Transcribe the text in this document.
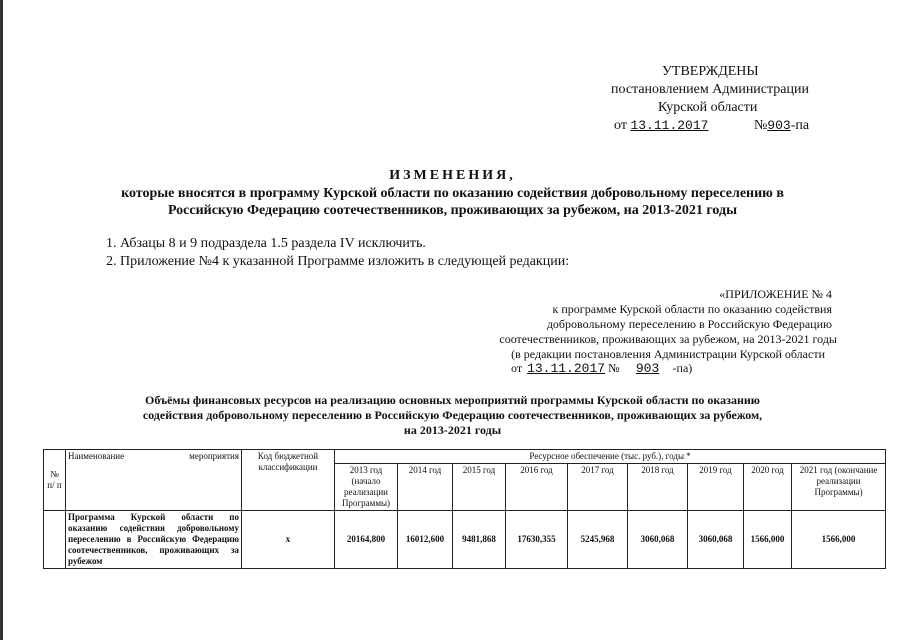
УТВЕРЖДЕНЫ
постановлением Администрации
Курской области
от 13.11.2017	№903-па
ИЗМЕНЕНИЯ,
которые вносятся в программу Курской области по оказанию содействия добровольному переселению в
Российскую Федерацию соотечественников, проживающих за рубежом, на 2013-2021 годы
1. Абзацы 8 и 9 подраздела 1.5 раздела IV исключить.
2. Приложение №4 к указанной Программе изложить в следующей редакции:
«ПРИЛОЖЕНИЕ № 4
к программе Курской области по оказанию содействия
добровольному переселению в Российскую Федерацию
соотечественников, проживающих за рубежом, на 2013-2021 годы
(в редакции постановления Администрации Курской области
от 13.11.2017 № 903 -па)
Объёмы финансовых ресурсов на реализацию основных мероприятий программы Курской области по оказанию
содействия добровольному переселению в Российскую Федерацию соотечественников, проживающих за рубежом,
на 2013-2021 годы
№ п/ п	Наименование мероприятия	Код бюджетной классификации	Ресурсное обеспечение (тыс. руб.), годы *								
			2013 год (начало реализации Программы)	2014 год	2015 год	2016 год	2017 год	2018 год	2019 год	2020 год	2021 год (окончание реализации Программы)
	Программа Курской области по оказанию содействия добровольному переселению в Российскую Федерацию соотечественников, проживающих за рубежом	х	20164,800	16012,600	9481,868	17630,355	5245,968	3060,068	3060,068	1566,000	1566,000
